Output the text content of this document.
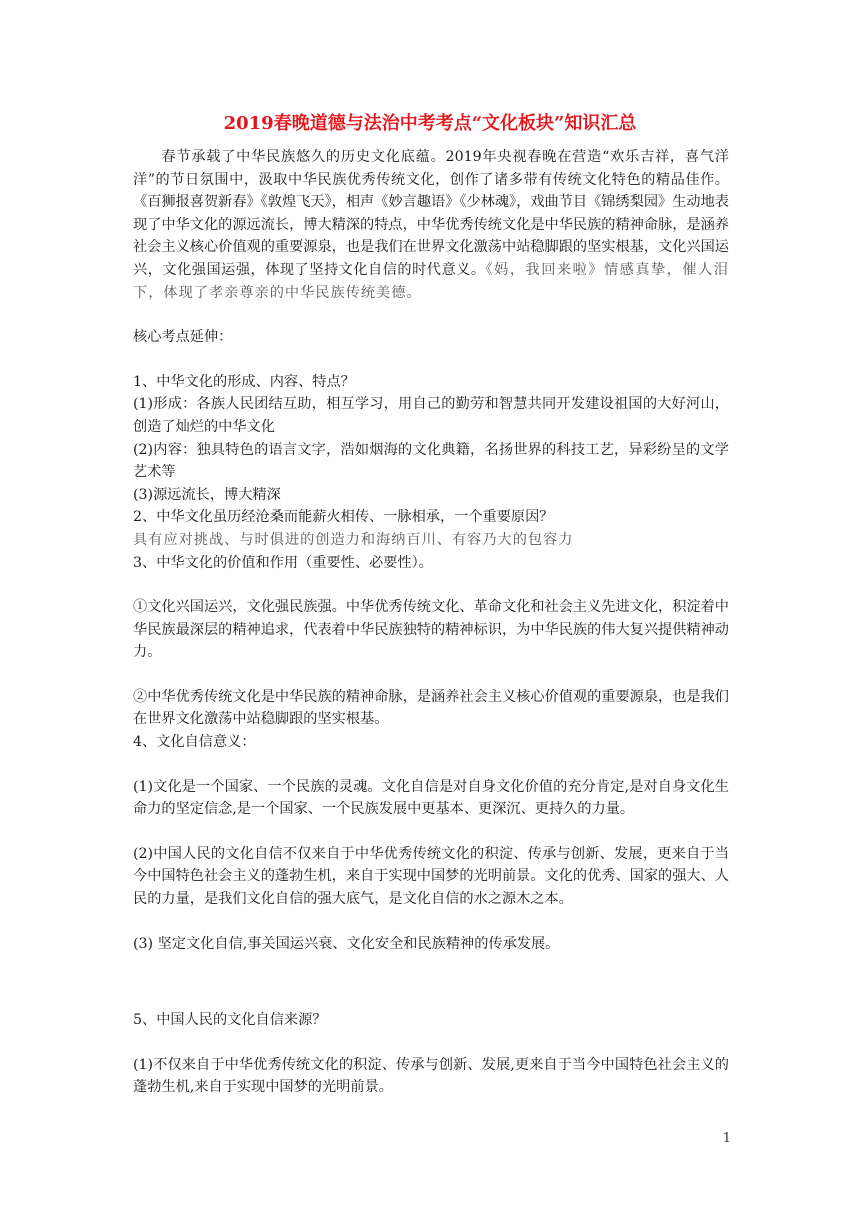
2019春晚道德与法治中考考点“文化板块”知识汇总

春节承载了中华民族悠久的历史文化底蕴。2019年央视春晚在营造“欢乐吉祥，喜气洋洋”的节日氛围中，汲取中华民族优秀传统文化，创作了诸多带有传统文化特色的精品佳作。《百狮报喜贺新春》《敦煌飞天》，相声《妙言趣语》《少林魂》，戏曲节目《锦绣梨园》生动地表现了中华文化的源远流长，博大精深的特点，中华优秀传统文化是中华民族的精神命脉，是涵养社会主义核心价值观的重要源泉，也是我们在世界文化激荡中站稳脚跟的坚实根基，文化兴国运兴，文化强国运强，体现了坚持文化自信的时代意义。《妈，我回来啦》情感真挚，催人泪下，体现了孝亲尊亲的中华民族传统美德。

核心考点延伸：

1、中华文化的形成、内容、特点？

(1)形成：各族人民团结互助，相互学习，用自己的勤劳和智慧共同开发建设祖国的大好河山，创造了灿烂的中华文化

(2)内容：独具特色的语言文字，浩如烟海的文化典籍，名扬世界的科技工艺，异彩纷呈的文学艺术等

(3)源远流长，博大精深

2、中华文化虽历经沧桑而能薪火相传、一脉相承，一个重要原因？

具有应对挑战、与时俱进的创造力和海纳百川、有容乃大的包容力

3、中华文化的价值和作用（重要性、必要性）。

①文化兴国运兴，文化强民族强。中华优秀传统文化、革命文化和社会主义先进文化，积淀着中华民族最深层的精神追求，代表着中华民族独特的精神标识，为中华民族的伟大复兴提供精神动力。

②中华优秀传统文化是中华民族的精神命脉，是涵养社会主义核心价值观的重要源泉，也是我们在世界文化激荡中站稳脚跟的坚实根基。

4、文化自信意义：

(1)文化是一个国家、一个民族的灵魂。文化自信是对自身文化价值的充分肯定,是对自身文化生命力的坚定信念,是一个国家、一个民族发展中更基本、更深沉、更持久的力量。

(2)中国人民的文化自信不仅来自于中华优秀传统文化的积淀、传承与创新、发展，更来自于当今中国特色社会主义的蓬勃生机，来自于实现中国梦的光明前景。文化的优秀、国家的强大、人民的力量，是我们文化自信的强大底气，是文化自信的水之源木之本。

(3) 坚定文化自信,事关国运兴衰、文化安全和民族精神的传承发展。

5、中国人民的文化自信来源？

(1)不仅来自于中华优秀传统文化的积淀、传承与创新、发展,更来自于当今中国特色社会主义的蓬勃生机,来自于实现中国梦的光明前景。

1
